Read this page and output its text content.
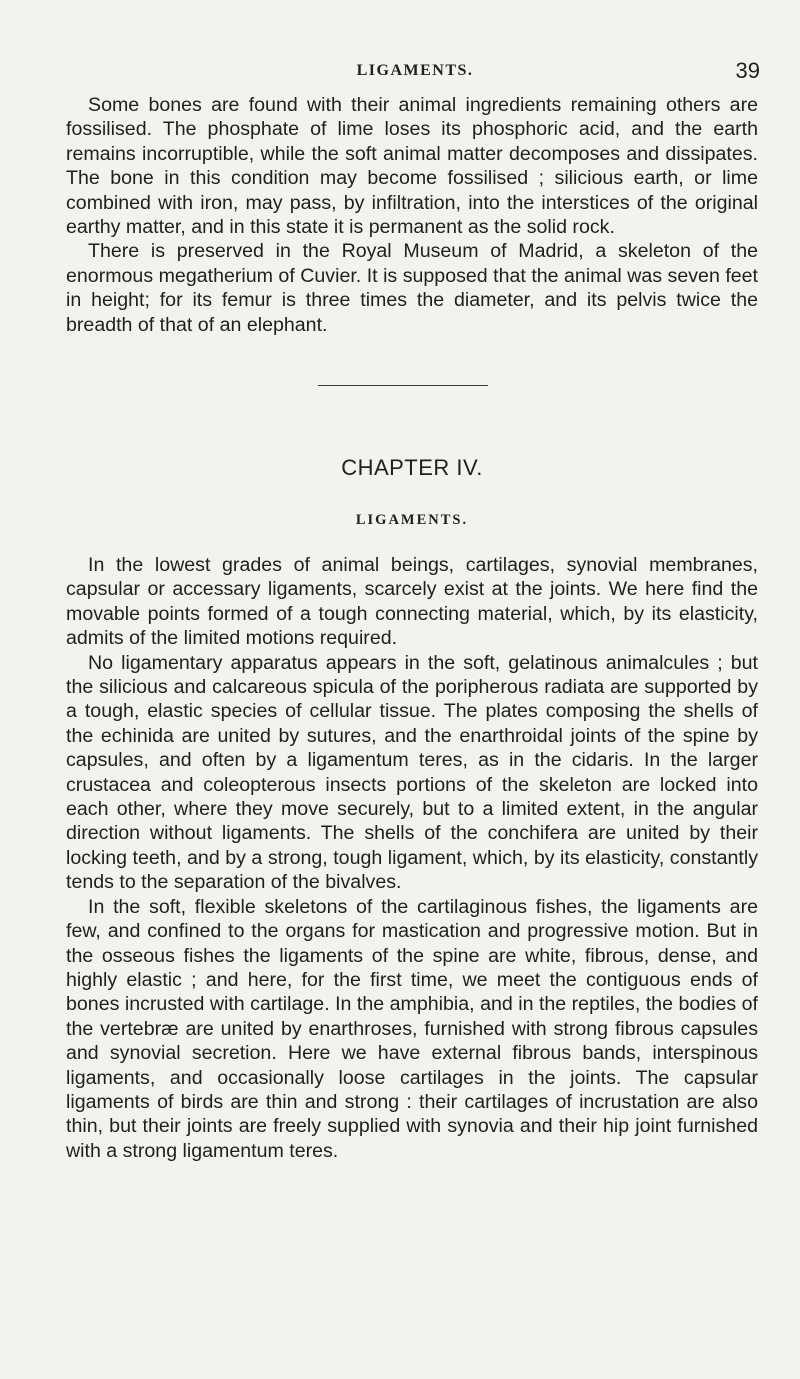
LIGAMENTS.	39

Some bones are found with their animal ingredients remaining others are fossilised. The phosphate of lime loses its phosphoric acid, and the earth remains incorruptible, while the soft animal matter decomposes and dissipates. The bone in this condition may become fossilised ; silicious earth, or lime combined with iron, may pass, by infiltration, into the interstices of the original earthy matter, and in this state it is permanent as the solid rock.

There is preserved in the Royal Museum of Madrid, a skeleton of the enormous megatherium of Cuvier. It is supposed that the animal was seven feet in height; for its femur is three times the diameter, and its pelvis twice the breadth of that of an elephant.

CHAPTER IV.
LIGAMENTS.

In the lowest grades of animal beings, cartilages, synovial membranes, capsular or accessary ligaments, scarcely exist at the joints. We here find the movable points formed of a tough connecting material, which, by its elasticity, admits of the limited motions required.

No ligamentary apparatus appears in the soft, gelatinous animalcules ; but the silicious and calcareous spicula of the poripherous radiata are supported by a tough, elastic species of cellular tissue. The plates composing the shells of the echinida are united by sutures, and the enarthroidal joints of the spine by capsules, and often by a ligamentum teres, as in the cidaris. In the larger crustacea and coleopterous insects portions of the skeleton are locked into each other, where they move securely, but to a limited extent, in the angular direction without ligaments. The shells of the conchifera are united by their locking teeth, and by a strong, tough ligament, which, by its elasticity, constantly tends to the separation of the bivalves.

In the soft, flexible skeletons of the cartilaginous fishes, the ligaments are few, and confined to the organs for mastication and progressive motion. But in the osseous fishes the ligaments of the spine are white, fibrous, dense, and highly elastic ; and here, for the first time, we meet the contiguous ends of bones incrusted with cartilage. In the amphibia, and in the reptiles, the bodies of the vertebræ are united by enarthroses, furnished with strong fibrous capsules and synovial secretion. Here we have external fibrous bands, interspinous ligaments, and occasionally loose cartilages in the joints. The capsular ligaments of birds are thin and strong : their cartilages of incrustation are also thin, but their joints are freely supplied with synovia and their hip joint furnished with a strong ligamentum teres.
